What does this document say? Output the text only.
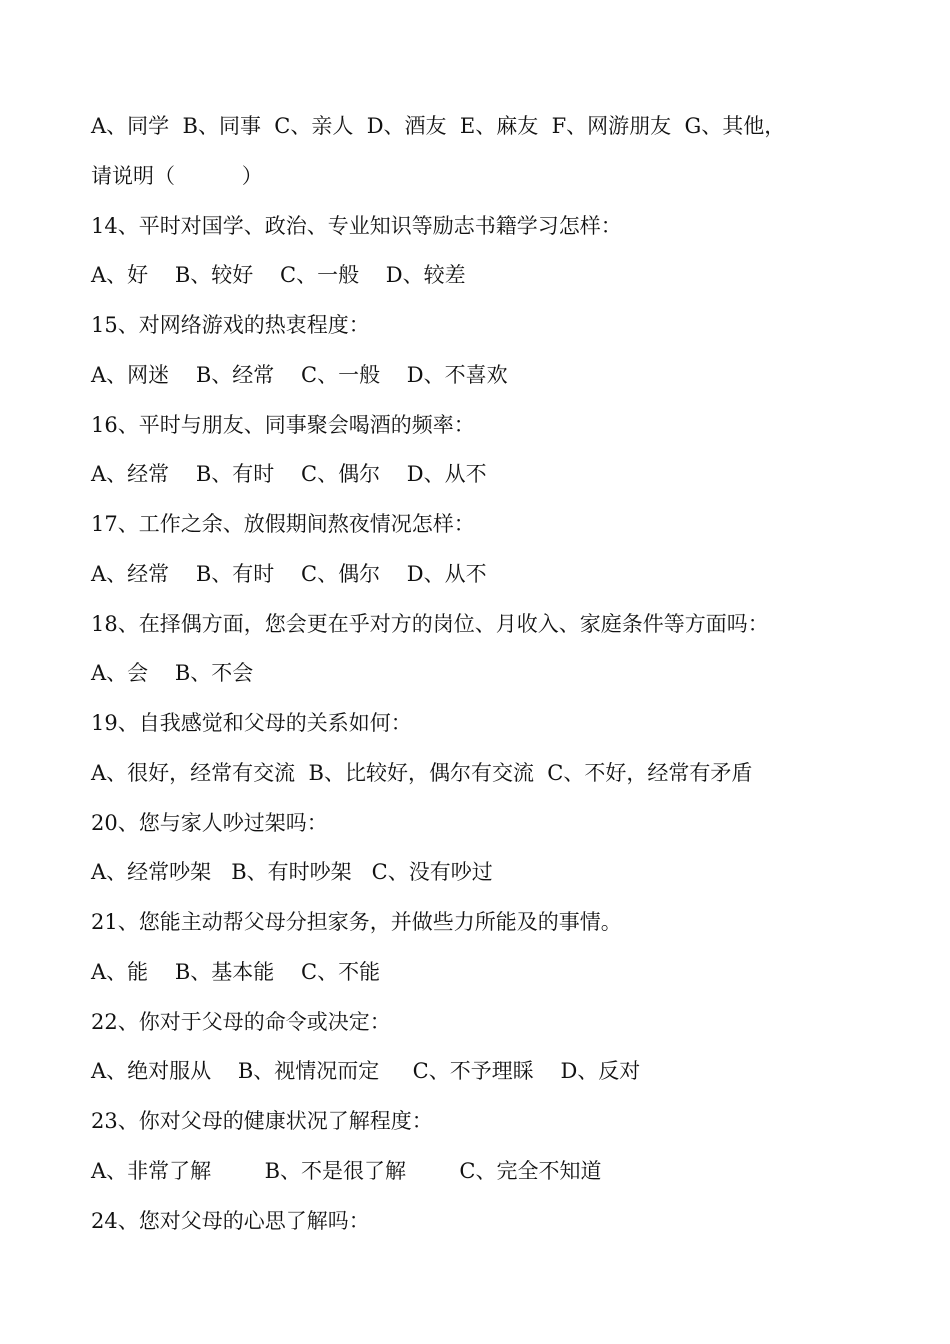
A、同学  B、同事  C、亲人  D、酒友  E、麻友  F、网游朋友  G、其他，
请说明（          ）
14、平时对国学、政治、专业知识等励志书籍学习怎样：
A、好    B、较好    C、一般    D、较差
15、对网络游戏的热衷程度：
A、网迷    B、经常    C、一般    D、不喜欢
16、平时与朋友、同事聚会喝酒的频率：
A、经常    B、有时    C、偶尔    D、从不
17、工作之余、放假期间熬夜情况怎样：
A、经常    B、有时    C、偶尔    D、从不
18、在择偶方面，您会更在乎对方的岗位、月收入、家庭条件等方面吗：
A、会    B、不会
19、自我感觉和父母的关系如何：
A、很好，经常有交流  B、比较好，偶尔有交流  C、不好，经常有矛盾
20、您与家人吵过架吗：
A、经常吵架   B、有时吵架   C、没有吵过
21、您能主动帮父母分担家务，并做些力所能及的事情。
A、能    B、基本能    C、不能
22、你对于父母的命令或决定：
A、绝对服从    B、视情况而定     C、不予理睬    D、反对
23、你对父母的健康状况了解程度：
A、非常了解        B、不是很了解        C、完全不知道
24、您对父母的心思了解吗：
